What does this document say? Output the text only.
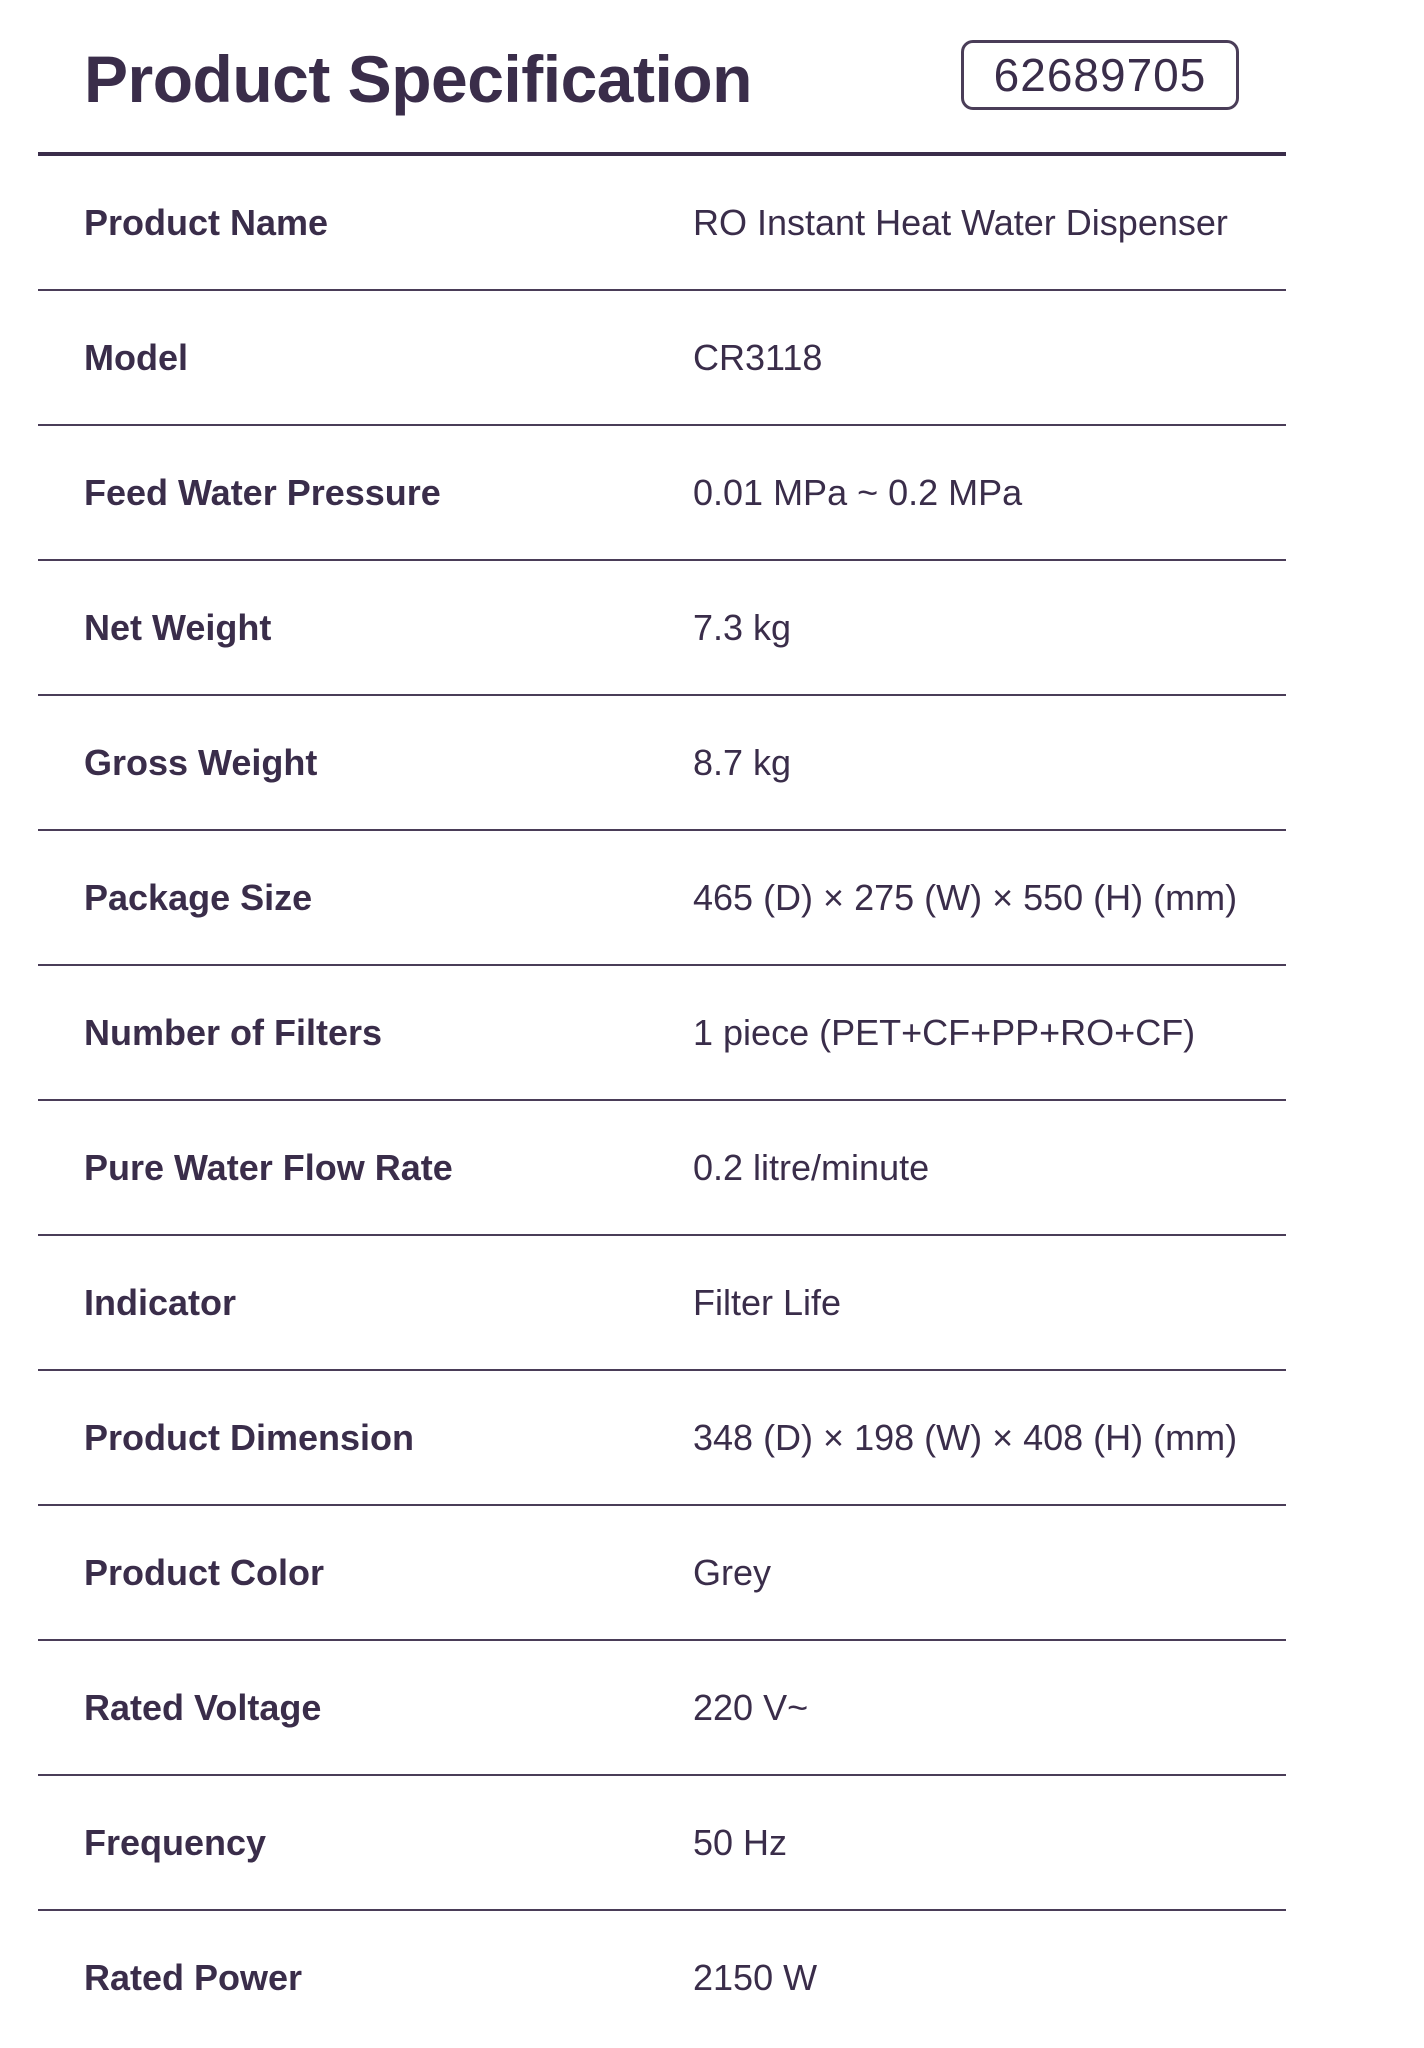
Product Specification	62689705
Product Name	RO Instant Heat Water Dispenser
Model	CR3118
Feed Water Pressure	0.01 MPa ~ 0.2 MPa
Net Weight	7.3 kg
Gross Weight	8.7 kg
Package Size	465 (D) × 275 (W) × 550 (H) (mm)
Number of Filters	1 piece (PET+CF+PP+RO+CF)
Pure Water Flow Rate	0.2 litre/minute
Indicator	Filter Life
Product Dimension	348 (D) × 198 (W) × 408 (H) (mm)
Product Color	Grey
Rated Voltage	220 V~
Frequency	50 Hz
Rated Power	2150 W
